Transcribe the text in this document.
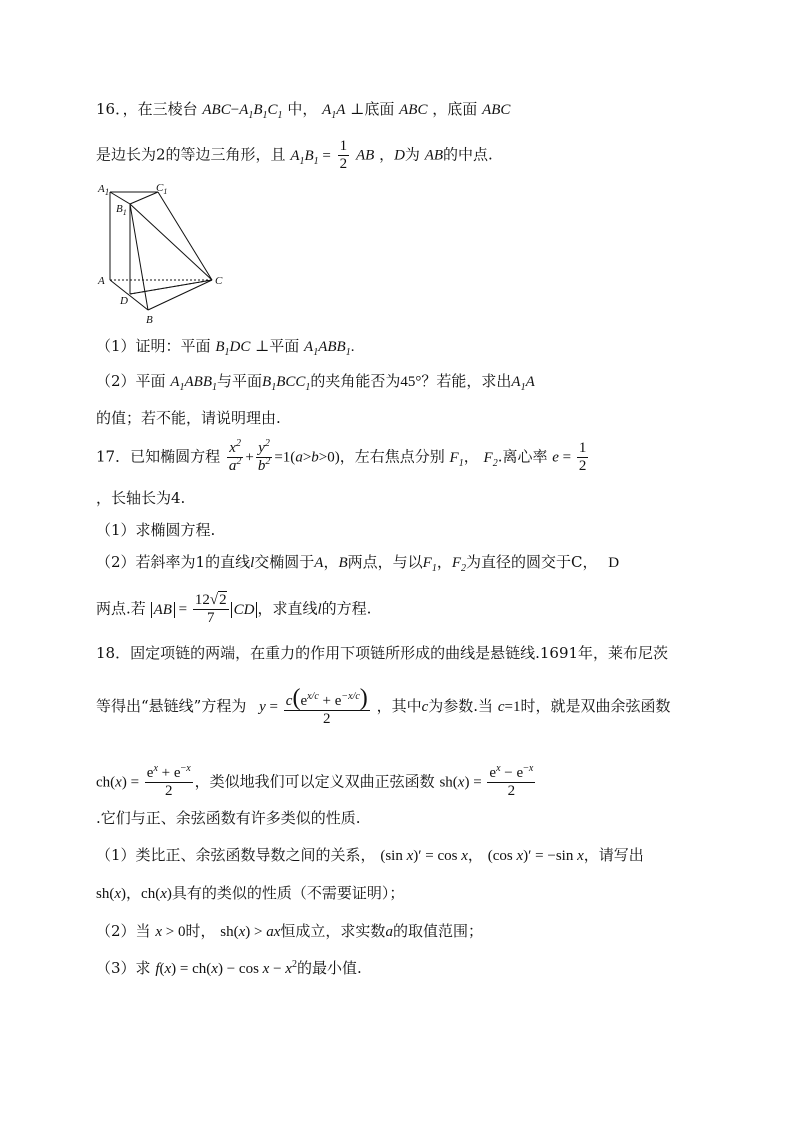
16．，在三棱台 $ABC-A_1B_1C_1$ 中， $A_1A$ ⊥底面 ABC ，底面 ABC
是边长为2的等边三角形，且 $A_1B_1 = \frac{1}{2}$ AB ，D为 AB的中点.
$A_1$	$C_1$
$B_1$
A	C
D
B
（1）证明：平面 $B_1DC$ ⊥平面 $A_1ABB_1$.
（2）平面 $A_1ABB_1$与平面$B_1BCC_1$的夹角能否为45°？若能，求出$A_1A$
的值；若不能，请说明理由.
17．已知椭圆方程 $\frac{x^2}{a^2} + \frac{y^2}{b^2} =1(a>b>0)$，左右焦点分别 $F_1$， $F_2$.离心率 $e = \frac{1}{2}$
，长轴长为4.
（1）求椭圆方程.
（2）若斜率为1的直线l交椭圆于A，B两点，与以$F_1$，$F_2$为直径的圆交于C， D
两点.若 AB = $\frac{12√2}{7}$ CD ，求直线l的方程.
18．固定项链的两端，在重力的作用下项链所形成的曲线是悬链线.1691年，莱布尼茨
等得出“悬链线”方程为 $y = \frac{c(e^{x/c} + e^{-x/c})}{2}$ ，其中c为参数.当 c=1时，就是双曲余弦函数
$ch(x) = \frac{e^x + e^{-x}}{2}$ ，类似地我们可以定义双曲正弦函数 $sh(x) = \frac{e^x - e^{-x}}{2}$
.它们与正、余弦函数有许多类似的性质.
（1）类比正、余弦函数导数之间的关系， (sin x)′ = cos x， (cos x)′ = −sin x，请写出
sh(x)，ch(x)具有的类似的性质（不需要证明）；
（2）当 x > 0时， sh(x) > ax恒成立，求实数a的取值范围；
（3）求 $f(x) = ch(x) - \cos x - x^2$的最小值.
